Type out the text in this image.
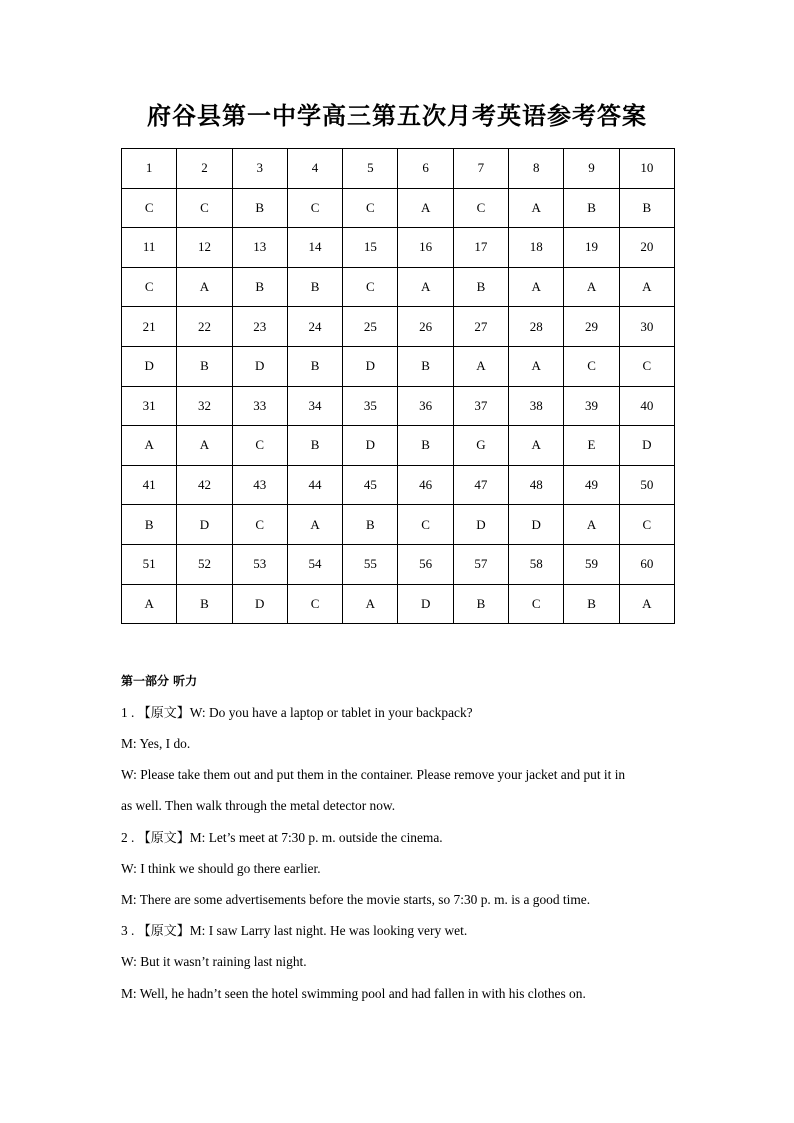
府谷县第一中学高三第五次月考英语参考答案
1	2	3	4	5	6	7	8	9	10
C	C	B	C	C	A	C	A	B	B
11	12	13	14	15	16	17	18	19	20
C	A	B	B	C	A	B	A	A	A
21	22	23	24	25	26	27	28	29	30
D	B	D	B	D	B	A	A	C	C
31	32	33	34	35	36	37	38	39	40
A	A	C	B	D	B	G	A	E	D
41	42	43	44	45	46	47	48	49	50
B	D	C	A	B	C	D	D	A	C
51	52	53	54	55	56	57	58	59	60
A	B	D	C	A	D	B	C	B	A
第一部分 听力
1 . 【原文】W: Do you have a laptop or tablet in your backpack?
M: Yes, I do.
W: Please take them out and put them in the container. Please remove your jacket and put it in
as well. Then walk through the metal detector now.
2 . 【原文】M: Let’s meet at 7:30 p. m. outside the cinema.
W: I think we should go there earlier.
M: There are some advertisements before the movie starts, so 7:30 p. m. is a good time.
3 . 【原文】M: I saw Larry last night. He was looking very wet.
W: But it wasn’t raining last night.
M: Well, he hadn’t seen the hotel swimming pool and had fallen in with his clothes on.
